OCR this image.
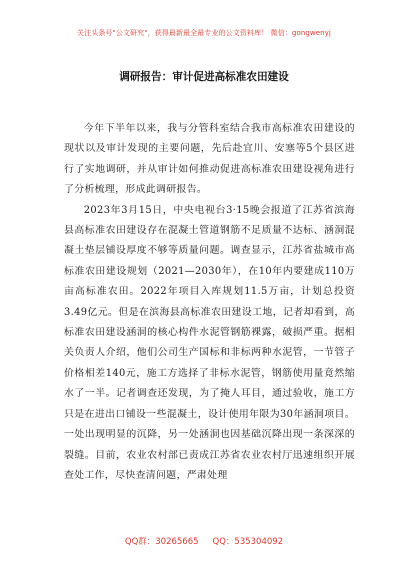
关注头条号"公文研究"，获得最新最全最专业的公文资料库！ 微信：gongwenyj
调研报告：审计促进高标准农田建设

今年下半年以来，我与分管科室结合我市高标准农田建设的现状以及审计发现的主要问题，先后赴宜川、安塞等5个县区进行了实地调研，并从审计如何推动促进高标准农田建设视角进行了分析梳理，形成此调研报告。

2023年3月15日，中央电视台3·15晚会报道了江苏省滨海县高标准农田建设存在混凝土管道钢筋不足质量不达标、涵洞混凝土垫层铺设厚度不够等质量问题。调查显示，江苏省盐城市高标准农田建设规划（2021—2030年），在10年内要建成110万亩高标准农田。2022年项目入库规划11.5万亩，计划总投资3.49亿元。但是在滨海县高标准农田建设工地，记者却看到，高标准农田建设涵洞的核心构件水泥管钢筋裸露，破损严重。据相关负责人介绍，他们公司生产国标和非标两种水泥管，一节管子价格相差140元，施工方选择了非标水泥管，钢筋使用量竟然缩水了一半。记者调查还发现，为了掩人耳目，通过验收，施工方只是在进出口铺设一些混凝土，设计使用年限为30年涵洞项目。一处出现明显的沉降，另一处涵洞也因基础沉降出现一条深深的裂缝。目前，农业农村部已责成江苏省农业农村厅迅速组织开展查处工作，尽快查清问题，严肃处理

QQ群：30265665 QQ：535304092
